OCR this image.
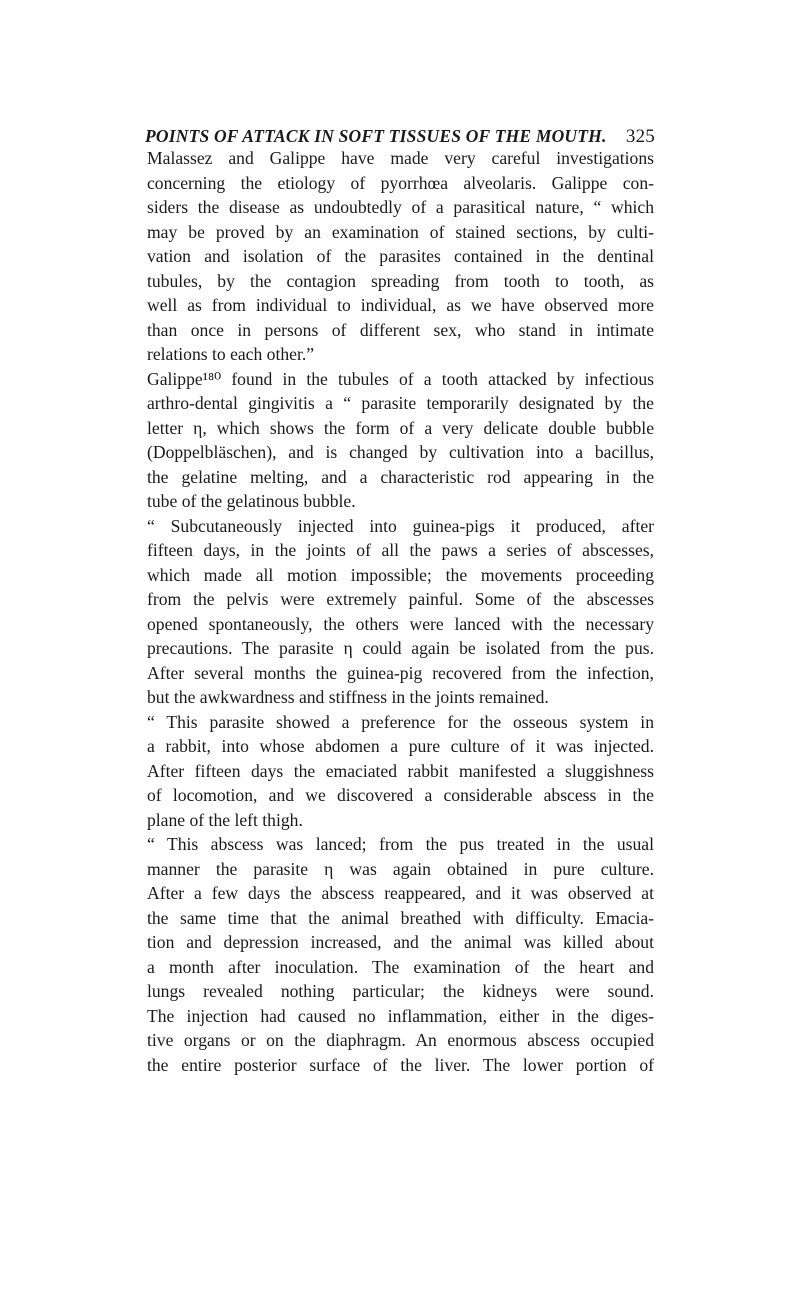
POINTS OF ATTACK IN SOFT TISSUES OF THE MOUTH. 325
Malassez and Galippe have made very careful investigations
concerning the etiology of pyorrhœa alveolaris. Galippe con-
siders the disease as undoubtedly of a parasitical nature, “ which
may be proved by an examination of stained sections, by culti-
vation and isolation of the parasites contained in the dentinal
tubules, by the contagion spreading from tooth to tooth, as
well as from individual to individual, as we have observed more
than once in persons of different sex, who stand in intimate
relations to each other.”
Galippe¹⁸⁰ found in the tubules of a tooth attacked by infectious
arthro-dental gingivitis a “ parasite temporarily designated by the
letter η, which shows the form of a very delicate double bubble
(Doppelbläschen), and is changed by cultivation into a bacillus,
the gelatine melting, and a characteristic rod appearing in the
tube of the gelatinous bubble.
“ Subcutaneously injected into guinea-pigs it produced, after
fifteen days, in the joints of all the paws a series of abscesses,
which made all motion impossible; the movements proceeding
from the pelvis were extremely painful. Some of the abscesses
opened spontaneously, the others were lanced with the necessary
precautions. The parasite η could again be isolated from the pus.
After several months the guinea-pig recovered from the infection,
but the awkwardness and stiffness in the joints remained.
“ This parasite showed a preference for the osseous system in
a rabbit, into whose abdomen a pure culture of it was injected.
After fifteen days the emaciated rabbit manifested a sluggishness
of locomotion, and we discovered a considerable abscess in the
plane of the left thigh.
“ This abscess was lanced; from the pus treated in the usual
manner the parasite η was again obtained in pure culture.
After a few days the abscess reappeared, and it was observed at
the same time that the animal breathed with difficulty. Emacia-
tion and depression increased, and the animal was killed about
a month after inoculation. The examination of the heart and
lungs revealed nothing particular; the kidneys were sound.
The injection had caused no inflammation, either in the diges-
tive organs or on the diaphragm. An enormous abscess occupied
the entire posterior surface of the liver. The lower portion of
